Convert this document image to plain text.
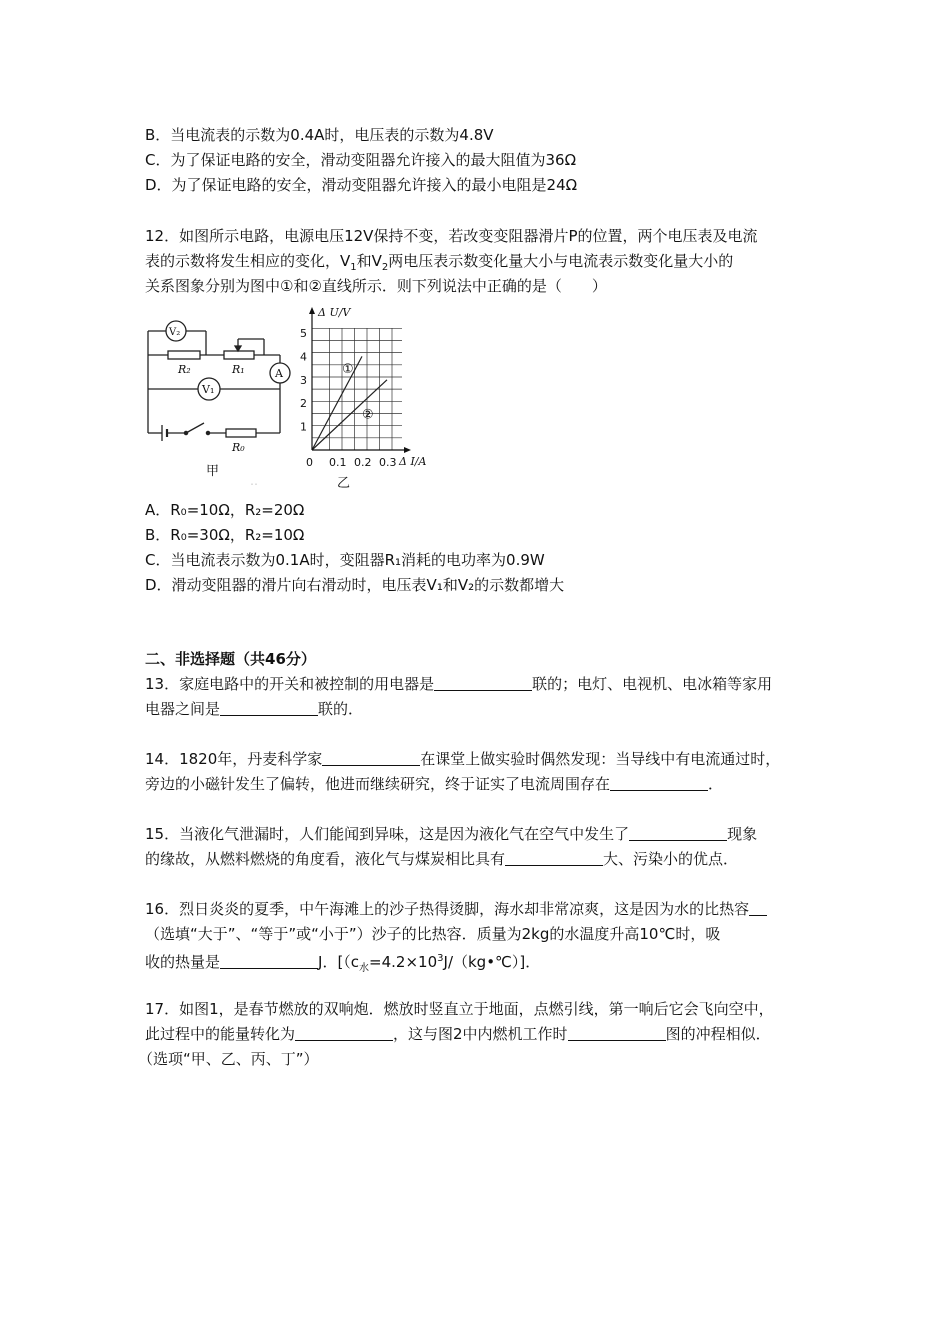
B．当电流表的示数为0.4A时，电压表的示数为4.8V
C．为了保证电路的安全，滑动变阻器允许接入的最大阻值为36Ω
D．为了保证电路的安全，滑动变阻器允许接入的最小电阻是24Ω
12．如图所示电路，电源电压12V保持不变，若改变变阻器滑片P的位置，两个电压表及电流
表的示数将发生相应的变化，$V_1$和$V_2$两电压表示数变化量大小与电流表示数变化量大小的
关系图象分别为图中①和②直线所示．则下列说法中正确的是（　　）
V₂
A
V₁
R₂	R₁
R₀
甲
①
②
1
2
3
4
5
0 0.1 0.2 0.3
Δ U/V
Δ I/A
乙
˙˙
A．R₀=10Ω，R₂=20Ω
B．R₀=30Ω，R₂=10Ω
C．当电流表示数为0.1A时，变阻器R₁消耗的电功率为0.9W
D．滑动变阻器的滑片向右滑动时，电压表V₁和V₂的示数都增大
二、非选择题（共46分）
13．家庭电路中的开关和被控制的用电器是	联的；电灯、电视机、电冰箱等家用
电器之间是	联的．
14．1820年，丹麦科学家	在课堂上做实验时偶然发现：当导线中有电流通过时，
旁边的小磁针发生了偏转，他进而继续研究，终于证实了电流周围存在	．
15．当液化气泄漏时，人们能闻到异味，这是因为液化气在空气中发生了	现象
的缘故，从燃料燃烧的角度看，液化气与煤炭相比具有	大、污染小的优点．
16．烈日炎炎的夏季，中午海滩上的沙子热得烫脚，海水却非常凉爽，这是因为水的比热容
（选填“大于”、“等于”或“小于”）沙子的比热容．质量为2kg的水温度升高10℃时，吸
收的热量是	J．[$(c_水=4.2\times 10^3J/(kg•℃)]$．
17．如图1，是春节燃放的双响炮．燃放时竖直立于地面，点燃引线，第一响后它会飞向空中，
此过程中的能量转化为	，这与图2中内燃机工作时	图的冲程相似．
（选项“甲、乙、丙、丁”）
